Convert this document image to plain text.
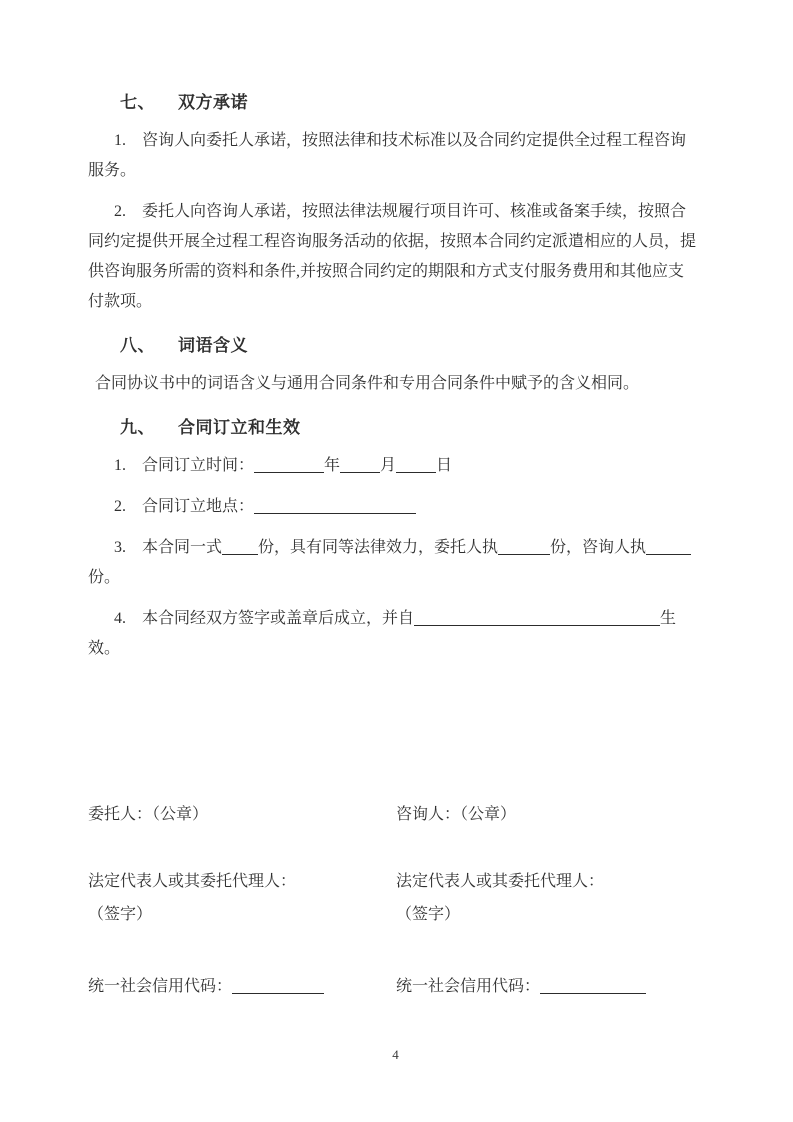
七、 双方承诺
1.　咨询人向委托人承诺，按照法律和技术标准以及合同约定提供全过程工程咨询
服务。
2.　委托人向咨询人承诺，按照法律法规履行项目许可、核准或备案手续，按照合
同约定提供开展全过程工程咨询服务活动的依据，按照本合同约定派遣相应的人员，提
供咨询服务所需的资料和条件,并按照合同约定的期限和方式支付服务费用和其他应支
付款项。
八、 词语含义
合同协议书中的词语含义与通用合同条件和专用合同条件中赋予的含义相同。
九、 合同订立和生效
1.　合同订立时间：	年	月	日
2.　合同订立地点：
3.　本合同一式 份，具有同等法律效力，委托人执	份，咨询人执
份。
4.　本合同经双方签字或盖章后成立，并自	生
效。
委托人：（公章）	咨询人：（公章）
法定代表人或其委托代理人：	法定代表人或其委托代理人：
（签字）	（签字）
统一社会信用代码：	统一社会信用代码：
4
